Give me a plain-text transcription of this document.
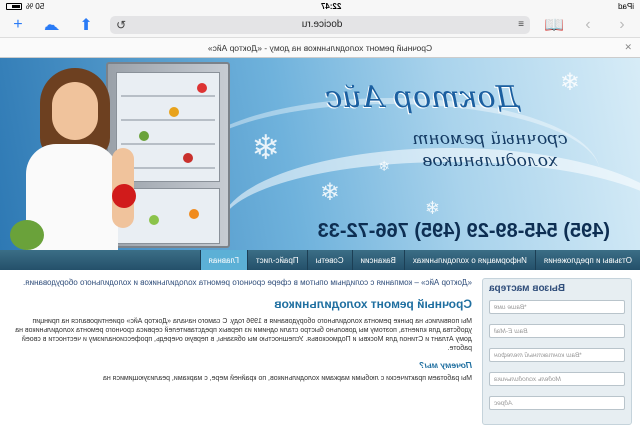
iPad
22:47
50 %
‹
›
📖
≡
docice.ru
↻
⬆
☁
+
✕
Срочный ремонт холодильников на дому - «Доктор Айс»
❄
❄
❄
❄
❄
Доктор Айс
срочный ремонт
холодильников
(495) 545-89-29 (495) 766-72-33
Отзывы и предложения
Информация о холодильниках
Вакансии
Советы
Прайс-лист
Главная
Вызов мастера
Ваше имя*
Ваш E-Mail
Ваш контактный телефон*
Модель холодильника
Адрес
«Доктор Айс» – компания с солидным опытом в сфере срочного ремонта холодильников и холодильного оборудования.
Срочный ремонт холодильников

Мы появились на рынке ремонта холодильного оборудования в 1996 году. С самого начала «Доктор Айс» ориентировался на принцип удобства для клиента, поэтому мы довольно быстро стали одними из первых представителей сервиса срочного ремонта холодильников на дому Атлант и Стинол для Москвы и Подмосковья. Успешностью мы обязаны, в первую очередь, профессионализму и честности в своей работе.

Почему мы?

Мы работаем практически с любыми марками холодильников, по крайней мере, с марками, реализующимися на
